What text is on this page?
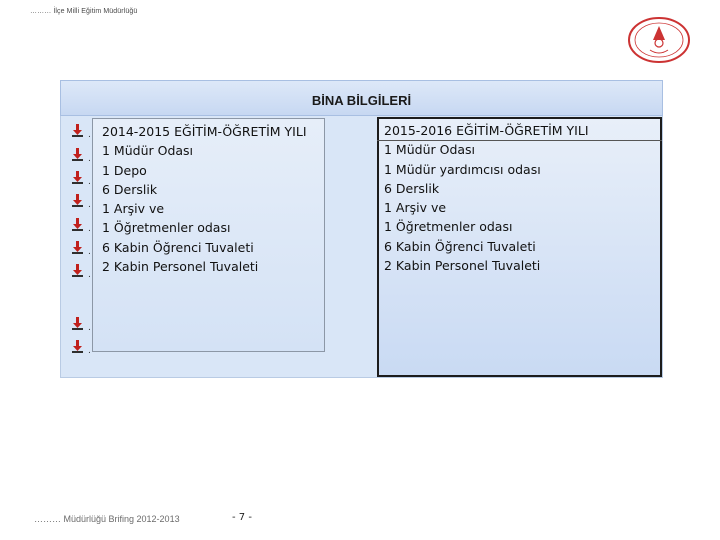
……… İlçe Milli Eğitim Müdürlüğü
BİNA BİLGİLERİ
.
.
.
.
.
.
.
.
.
2014-2015 EĞİTİM-ÖĞRETİM YILI
1 Müdür Odası
1 Depo
6 Derslik
1 Arşiv ve
1 Öğretmenler odası
6 Kabin Öğrenci Tuvaleti
2 Kabin Personel Tuvaleti
2015-2016 EĞİTİM-ÖĞRETİM YILI
1 Müdür Odası
1 Müdür yardımcısı odası
6 Derslik
1 Arşiv ve
1 Öğretmenler odası
6 Kabin Öğrenci Tuvaleti
2 Kabin Personel Tuvaleti
……… Müdürlüğü Brifing 2012-2013	- 7 -
